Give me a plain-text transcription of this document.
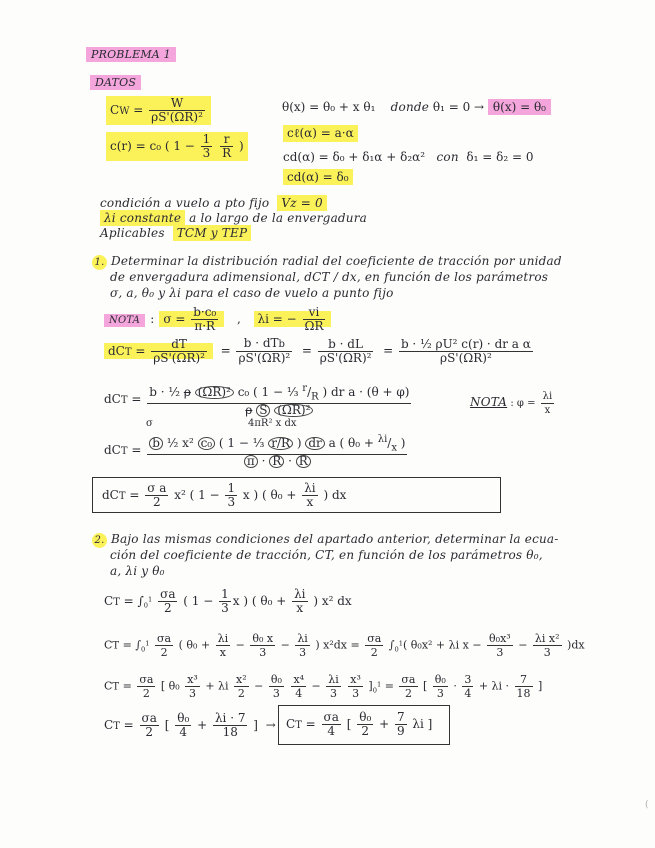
(
PROBLEMA 1
DATOS
CW = $\frac{W}{\text{ρS'(ΩR)²}}$	θ(x) = θ₀ + x θ₁    donde θ₁ = 0 → θ(x) = θ₀
c(r) = c₀ ( $1 - \frac{1}{3}$
$\frac{r}{R}$ )
cℓ(α) = a·α
cd(α) = δ₀ + δ₁α + δ₂α²   con  δ₁ = δ₂ = 0
cd(α) = δ₀
condición a vuelo a pto fijo Vz = 0
λi constante a lo largo de la envergadura
Aplicables TCM y TEP
1. Determinar la distribución radial del coeficiente de tracción por unidad
de envergadura adimensional, dCT / dx, en función de los parámetros
σ, a, θ₀ y λi para el caso de vuelo a punto fijo
NOTA : $\sigma = \frac{\text{b·c₀}}{\pi\cdot R}$ ,   λi = − $\frac{vi}{\Omega R}$
dCT = $\frac{dT}{\text{ρS'(ΩR)²}} = \frac{\text{b · dTb}}{\text{ρS'(ΩR)²}} = \frac{b \cdot dL}{\text{ρS'(ΩR)²}} = \frac{\text{b · ½ ρU² c(r) · dr a α}}{\text{ρS'(ΩR)²}}$
dCT = $\frac{b \cdot \frac{1}{2} \rho (\Omega R)^2 c_0 ( 1 - \frac{1}{3} ^r/_R ) dr a \cdot (\theta + \varphi)}{\text{ρ S (ΩR)²}}$
4πR² x dx
σ
NOTA : $\varphi = \frac{\lambda i}{x}$
dCT = $\frac{b \frac{1}{2} x^2 c_0 ( 1 - \frac{1}{3} r/R ) dr a ( \theta_0 + ^{\lambda i}/_x )}{\pi \cdot R \cdot R}$
dCT = $\frac{\text{σ a}}{2} x^2$ ( $1 - \frac{1}{3}$ x ) ( $\theta_0 + \frac{\lambda i}{x}$ ) dx
2. Bajo las mismas condiciones del apartado anterior, determinar la ecua-
ción del coeficiente de tracción, CT, en función de los parámetros θ₀,
a, λi y θ₀
CT = $\int_0^1 \frac{\sigma a}{2}$ ( $1 - \frac{1}{3}$ x ) ( $\theta_0 + \frac{\lambda i}{x}$ ) x² dx
CT = $\int_0^1 \frac{\sigma a}{2}$ ( $\theta_0 + \frac{\lambda i}{x} - \frac{\text{θ₀ x}}{3} - \frac{\lambda i}{3}$ ) $x^2dx = \frac{\sigma a}{2} \int_0^1$( θ₀x² + λi $x - \frac{\text{θ₀x³}}{3} - \frac{\text{λi x²}}{3} )dx$
CT = $\frac{\sigma a}{2}$ [ $\theta_0 \frac{\text{x³}}{3} + \lambda i \frac{\text{x²}}{2} - \frac{\text{θ₀}}{3}$
$\frac{\text{x⁴}}{4} - \frac{\lambda i}{3}$
$\frac{\text{x³}}{3} ]_0^1 = \frac{\sigma a}{2}$ [ $\frac{\text{θ₀}}{3} \cdot \frac{3}{4} + \lambda i \cdot \frac{7}{18}$ ]
CT = $\frac{\sigma a}{2}$ [ $\frac{\text{θ₀}}{4} + \frac{\lambda i \cdot 7}{18}$ ]  → CT = $\frac{\sigma a}{4}$ [ $\frac{\text{θ₀}}{2} + \frac{7}{9}$ λi ]
